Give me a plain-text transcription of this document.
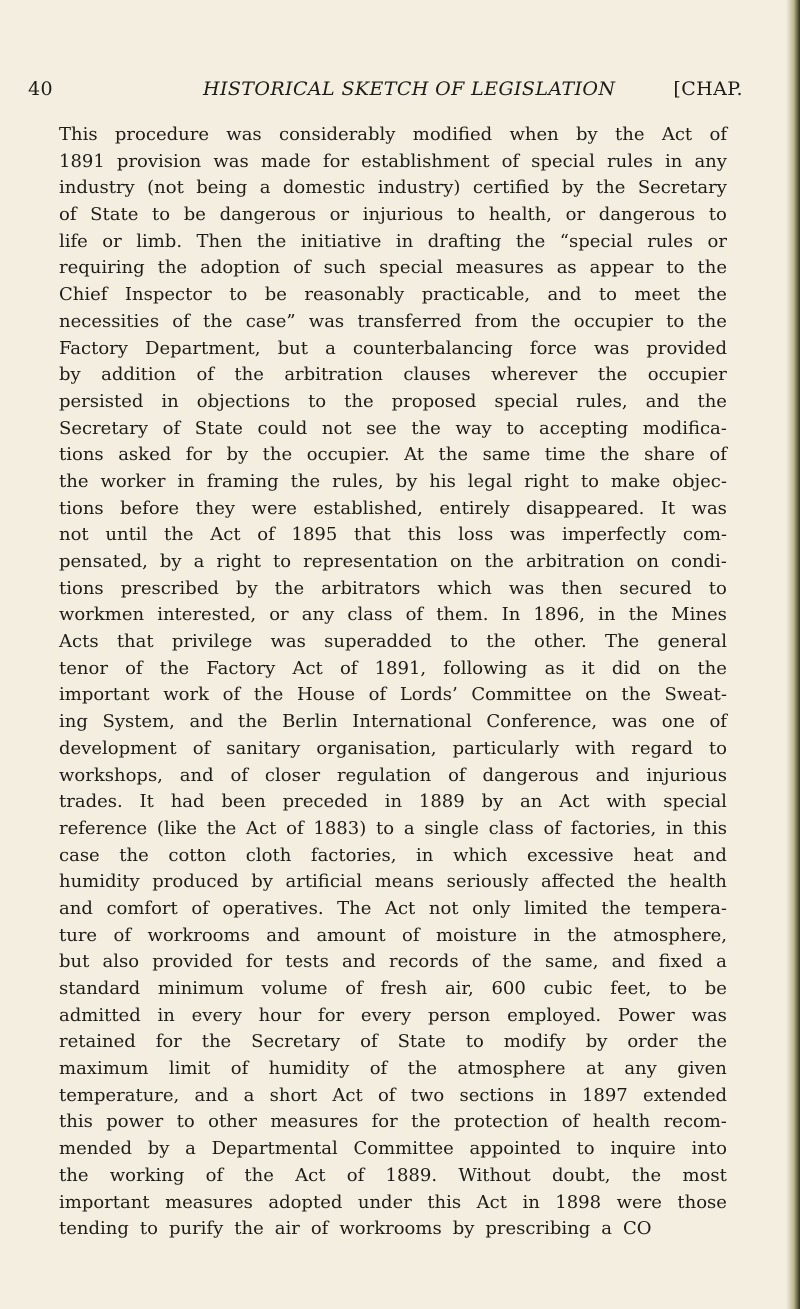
40	HISTORICAL SKETCH OF LEGISLATION	[CHAP.
This procedure was considerably modified when by the Act of
1891 provision was made for establishment of special rules in any
industry (not being a domestic industry) certified by the Secretary
of State to be dangerous or injurious to health, or dangerous to
life or limb. Then the initiative in drafting the “special rules or
requiring the adoption of such special measures as appear to the
Chief Inspector to be reasonably practicable, and to meet the
necessities of the case” was transferred from the occupier to the
Factory Department, but a counterbalancing force was provided
by addition of the arbitration clauses wherever the occupier
persisted in objections to the proposed special rules, and the
Secretary of State could not see the way to accepting modifica-
tions asked for by the occupier. At the same time the share of
the worker in framing the rules, by his legal right to make objec-
tions before they were established, entirely disappeared. It was
not until the Act of 1895 that this loss was imperfectly com-
pensated, by a right to representation on the arbitration on condi-
tions prescribed by the arbitrators which was then secured to
workmen interested, or any class of them. In 1896, in the Mines
Acts that privilege was superadded to the other. The general
tenor of the Factory Act of 1891, following as it did on the
important work of the House of Lords’ Committee on the Sweat-
ing System, and the Berlin International Conference, was one of
development of sanitary organisation, particularly with regard to
workshops, and of closer regulation of dangerous and injurious
trades. It had been preceded in 1889 by an Act with special
reference (like the Act of 1883) to a single class of factories, in this
case the cotton cloth factories, in which excessive heat and
humidity produced by artificial means seriously affected the health
and comfort of operatives. The Act not only limited the tempera-
ture of workrooms and amount of moisture in the atmosphere,
but also provided for tests and records of the same, and fixed a
standard minimum volume of fresh air, 600 cubic feet, to be
admitted in every hour for every person employed. Power was
retained for the Secretary of State to modify by order the
maximum limit of humidity of the atmosphere at any given
temperature, and a short Act of two sections in 1897 extended
this power to other measures for the protection of health recom-
mended by a Departmental Committee appointed to inquire into
the working of the Act of 1889. Without doubt, the most
important measures adopted under this Act in 1898 were those
tending to purify the air of workrooms by prescribing a CO
